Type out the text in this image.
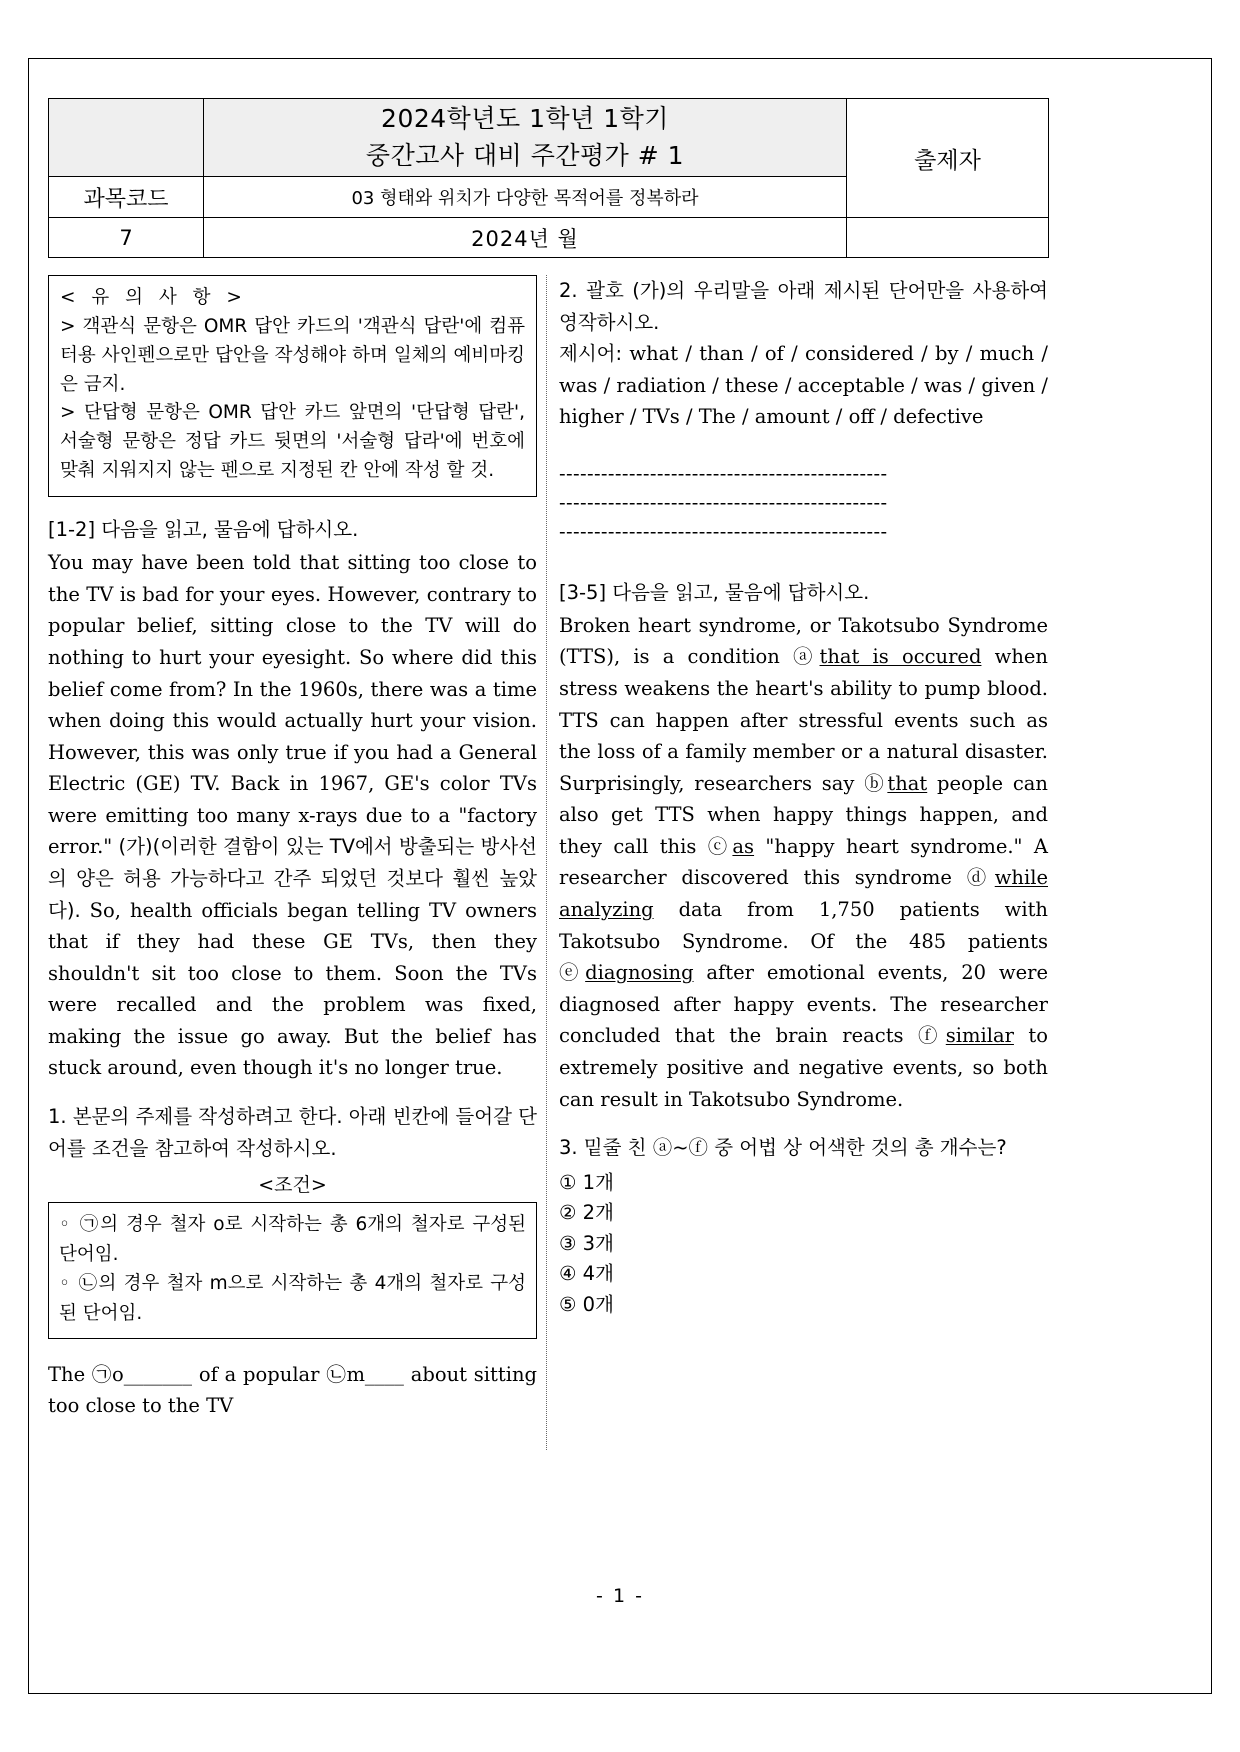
	2024학년도 1학년 1학기
중간고사 대비 주간평가 # 1	출제자
과목코드	03 형태와 위치가 다양한 목적어를 정복하라	
7	2024년 월	
< 유 의 사 항 >
> 객관식 문항은 OMR 답안 카드의 '객관식 답란'에 컴퓨터용 사인펜으로만 답안을 작성해야 하며 일체의 예비마킹은 금지.
> 단답형 문항은 OMR 답안 카드 앞면의 '단답형 답란', 서술형 문항은 정답 카드 뒷면의 '서술형 답라'에 번호에 맞춰 지워지지 않는 펜으로 지정된 칸 안에 작성 할 것.
[1-2] 다음을 읽고, 물음에 답하시오.
You may have been told that sitting too close to the TV is bad for your eyes. However, contrary to popular belief, sitting close to the TV will do nothing to hurt your eyesight. So where did this belief come from? In the 1960s, there was a time when doing this would actually hurt your vision. However, this was only true if you had a General Electric (GE) TV. Back in 1967, GE's color TVs were emitting too many x-rays due to a "factory error." (가)(이러한 결함이 있는 TV에서 방출되는 방사선의 양은 허용 가능하다고 간주 되었던 것보다 훨씬 높았다). So, health officials began telling TV owners that if they had these GE TVs, then they shouldn't sit too close to them. Soon the TVs were recalled and the problem was fixed, making the issue go away. But the belief has stuck around, even though it's no longer true.
1. 본문의 주제를 작성하려고 한다. 아래 빈칸에 들어갈 단어를 조건을 참고하여 작성하시오.
<조건>
◦ ㉠의 경우 철자 o로 시작하는 총 6개의 철자로 구성된 단어임.
◦ ㉡의 경우 철자 m으로 시작하는 총 4개의 철자로 구성된 단어임.
The ㉠o_______ of a popular ㉡m____ about sitting too close to the TV
2. 괄호 (가)의 우리말을 아래 제시된 단어만을 사용하여 영작하시오.
제시어: what / than / of / considered / by / much / was / radiation / these / acceptable / was / given / higher / TVs / The / amount / off / defective
-----------------------------------------------
-----------------------------------------------
-----------------------------------------------
[3-5] 다음을 읽고, 물음에 답하시오.
Broken heart syndrome, or Takotsubo Syndrome (TTS), is a condition ⓐthat is occured when stress weakens the heart's ability to pump blood. TTS can happen after stressful events such as the loss of a family member or a natural disaster. Surprisingly, researchers say ⓑthat people can also get TTS when happy things happen, and they call this ⓒas "happy heart syndrome." A researcher discovered this syndrome ⓓwhile analyzing data from 1,750 patients with Takotsubo Syndrome. Of the 485 patients ⓔdiagnosing after emotional events, 20 were diagnosed after happy events. The researcher concluded that the brain reacts ⓕsimilar to extremely positive and negative events, so both can result in Takotsubo Syndrome.
3. 밑줄 친 ⓐ~ⓕ 중 어법 상 어색한 것의 총 개수는?
① 1개
② 2개
③ 3개
④ 4개
⑤ 0개
- 1 -
